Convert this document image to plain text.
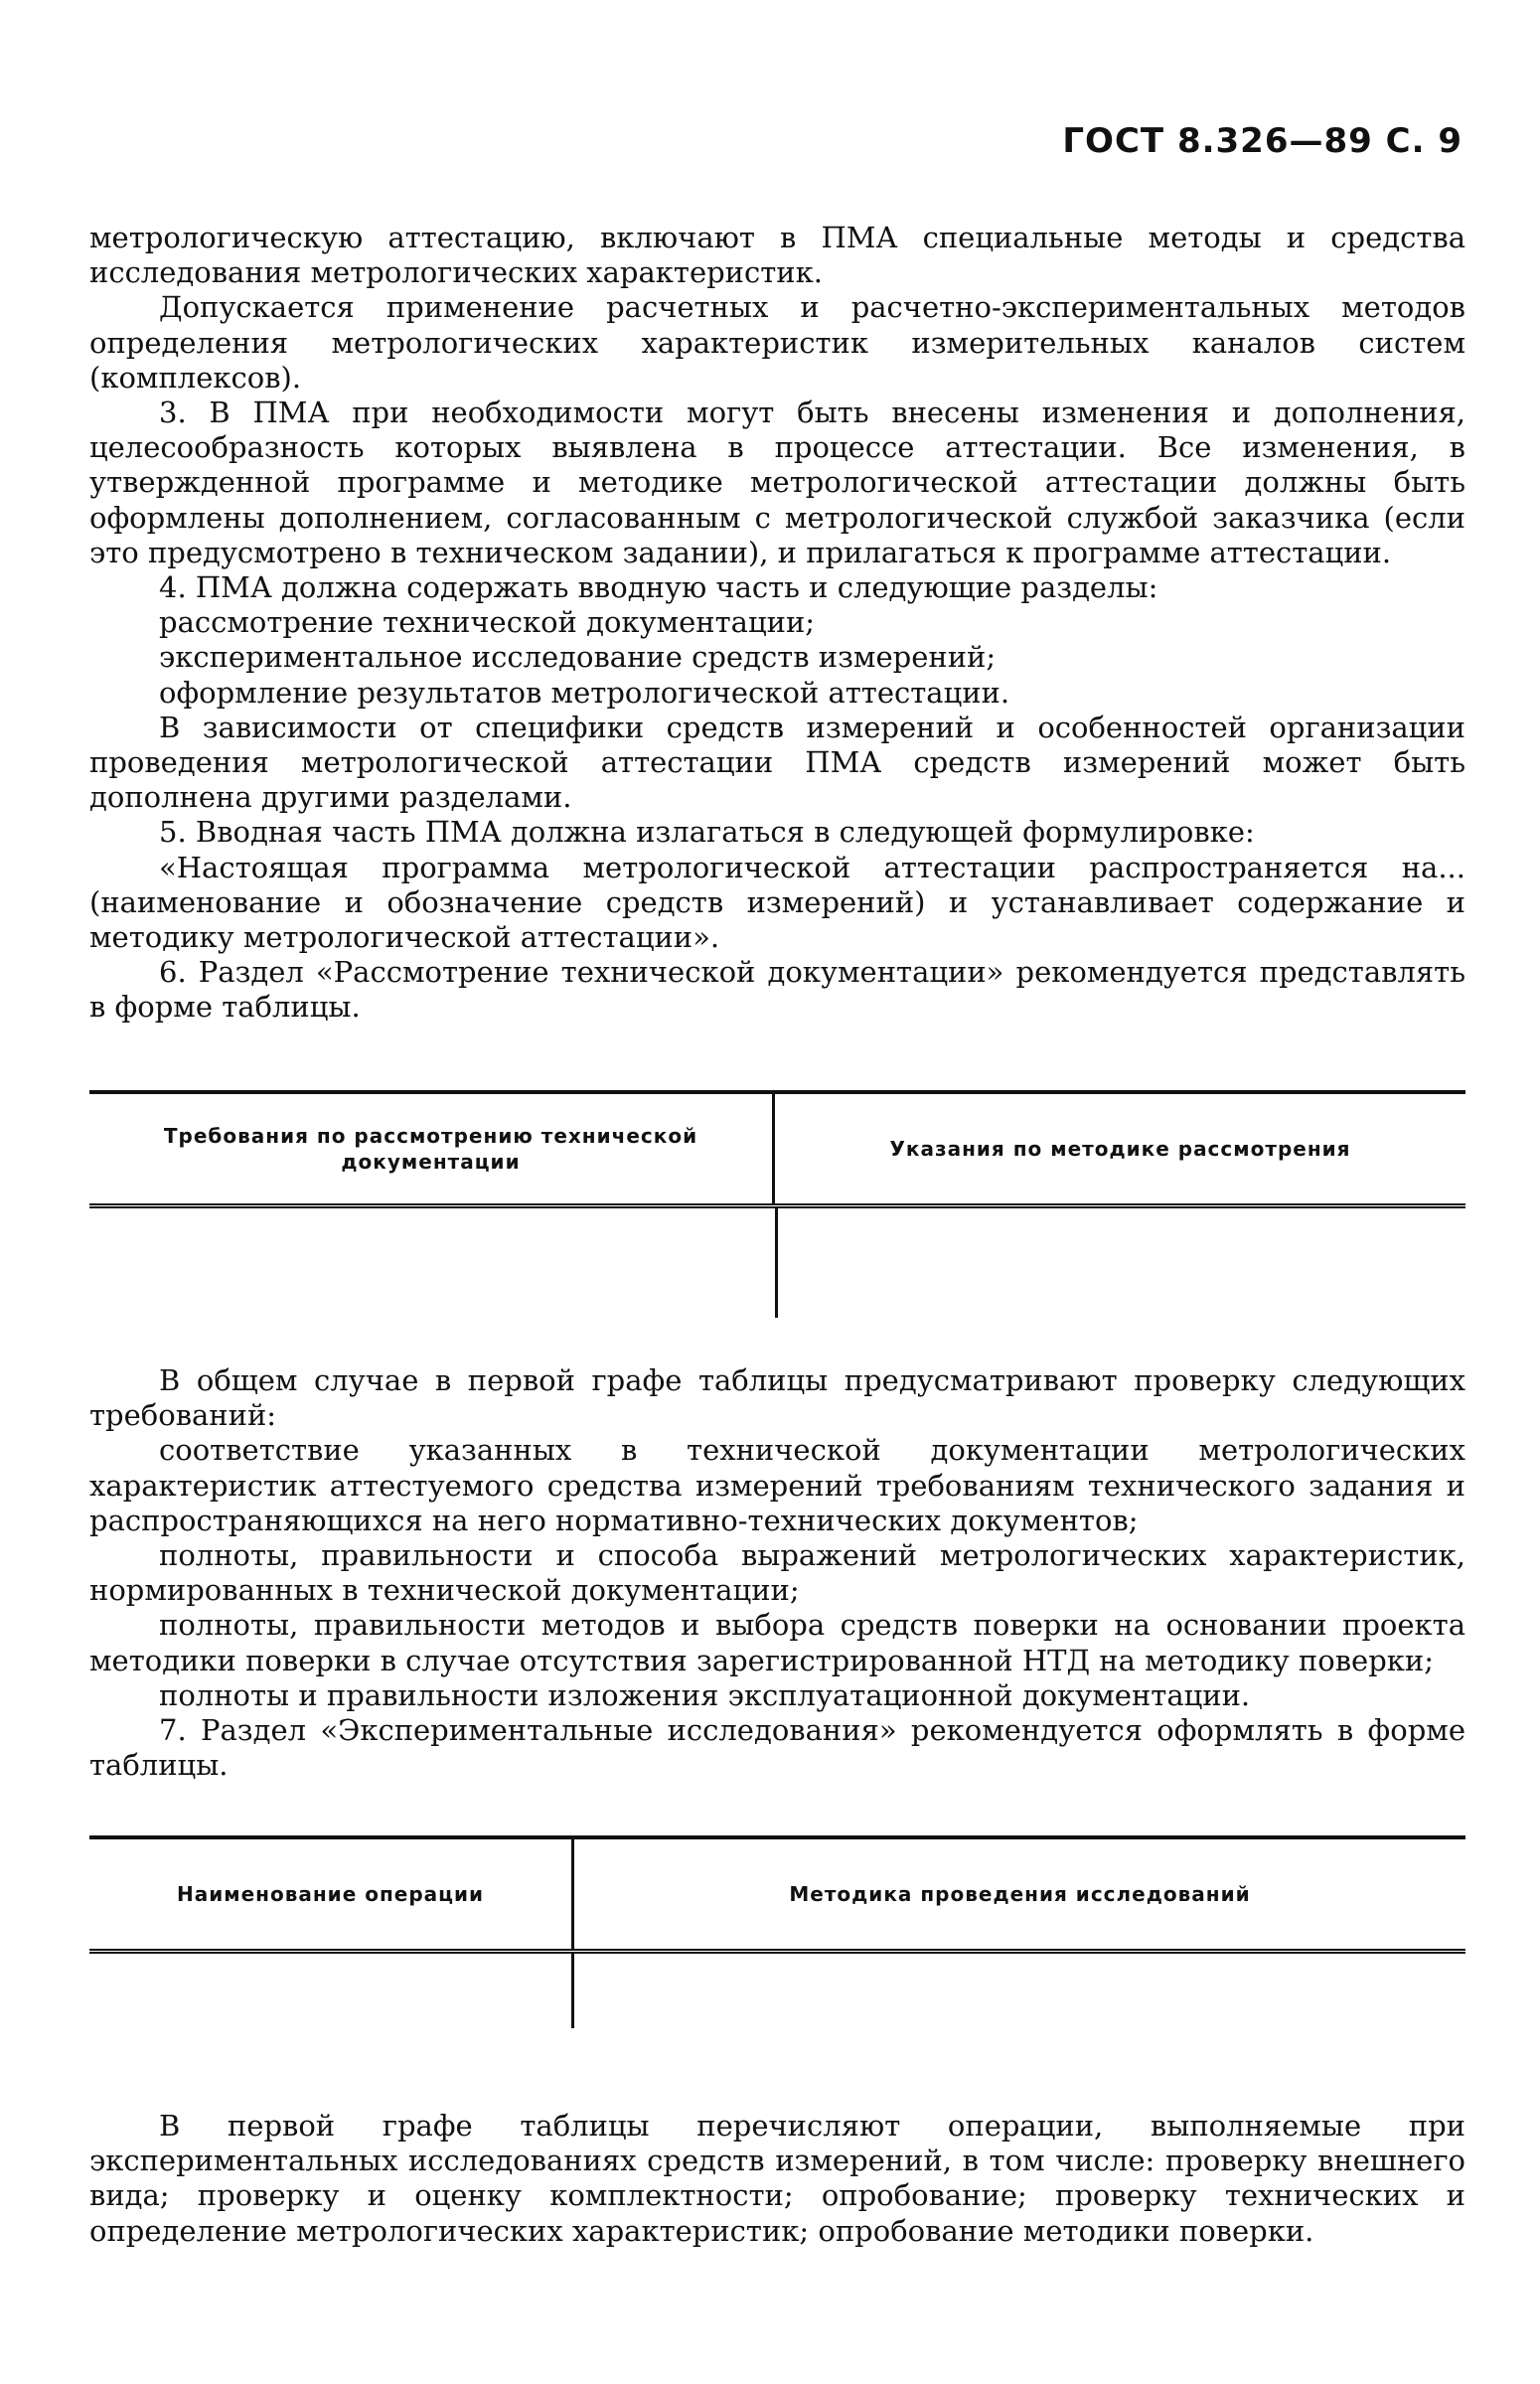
ГОСТ 8.326—89 С. 9

метрологическую аттестацию, включают в ПМА специальные методы и средства исследования метрологических характеристик.

Допускается применение расчетных и расчетно-экспериментальных методов определения метрологических характеристик измерительных каналов систем (комплексов).

3. В ПМА при необходимости могут быть внесены изменения и дополнения, целесообразность которых выявлена в процессе аттестации. Все изменения, в утвержденной программе и методике метрологической аттестации должны быть оформлены дополнением, согласованным с метрологической службой заказчика (если это предусмотрено в техническом задании), и прилагаться к программе аттестации.

4. ПМА должна содержать вводную часть и следующие разделы:

рассмотрение технической документации;

экспериментальное исследование средств измерений;

оформление результатов метрологической аттестации.

В зависимости от специфики средств измерений и особенностей организации проведения метрологической аттестации ПМА средств измерений может быть дополнена другими разделами.

5. Вводная часть ПМА должна излагаться в следующей формулировке:

«Настоящая программа метрологической аттестации распространяется на... (наименование и обозначение средств измерений) и устанавливает содержание и методику метрологической аттестации».

6. Раздел «Рассмотрение технической документации» рекомендуется представлять в форме таблицы.

Требования по рассмотрению технической документации
Указания по методике рассмотрения

В общем случае в первой графе таблицы предусматривают проверку следующих требований:

соответствие указанных в технической документации метрологических характеристик аттестуемого средства измерений требованиям технического задания и распространяющихся на него нормативно-технических документов;

полноты, правильности и способа выражений метрологических характеристик, нормированных в технической документации;

полноты, правильности методов и выбора средств поверки на основании проекта методики поверки в случае отсутствия зарегистрированной НТД на методику поверки;

полноты и правильности изложения эксплуатационной документации.

7. Раздел «Экспериментальные исследования» рекомендуется оформлять в форме таблицы.

Наименование операции	Методика проведения исследований

В первой графе таблицы перечисляют операции, выполняемые при экспериментальных исследованиях средств измерений, в том числе: проверку внешнего вида; проверку и оценку комплектности; опробование; проверку технических и определение метрологических характеристик; опробование методики поверки.
